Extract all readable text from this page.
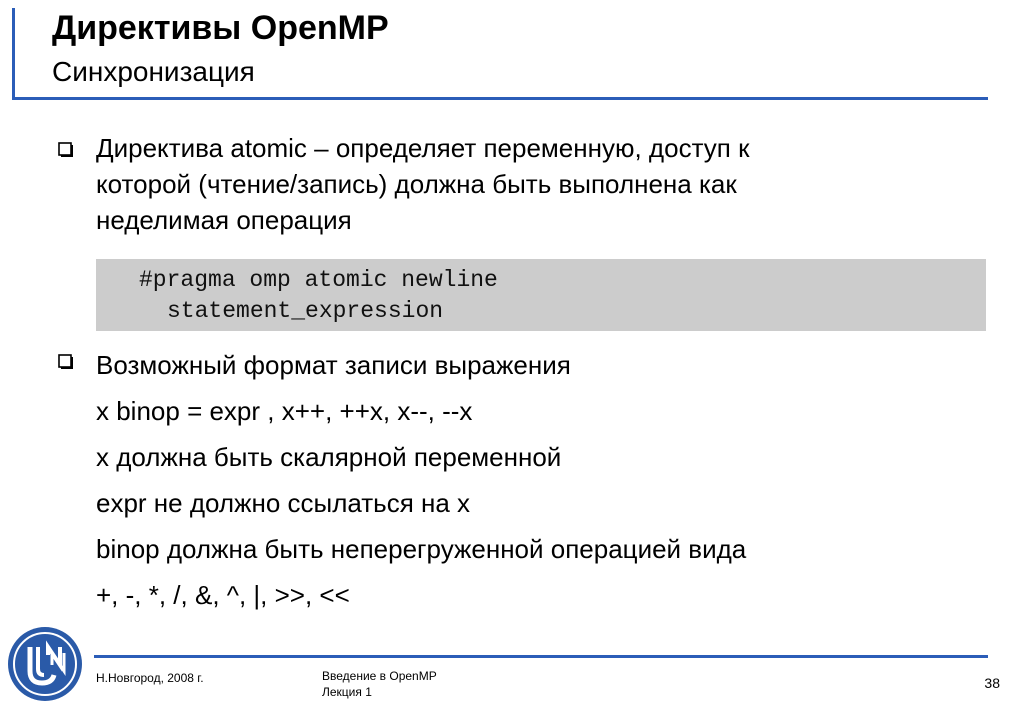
Директивы OpenMP
Синхронизация
Директива atomic – определяет переменную, доступ к
которой (чтение/запись) должна быть выполнена как
неделимая операция
#pragma omp atomic newline
statement_expression
Возможный формат записи выражения
x binop = expr , x++, ++x, x--, --x
x должна быть скалярной переменной
expr не должно ссылаться на x
binop должна быть неперегруженной операцией вида
+, -, *, /, &, ^, |, >>, <<
Н.Новгород, 2008 г.	Введение в OpenMP
Лекция 1
38
